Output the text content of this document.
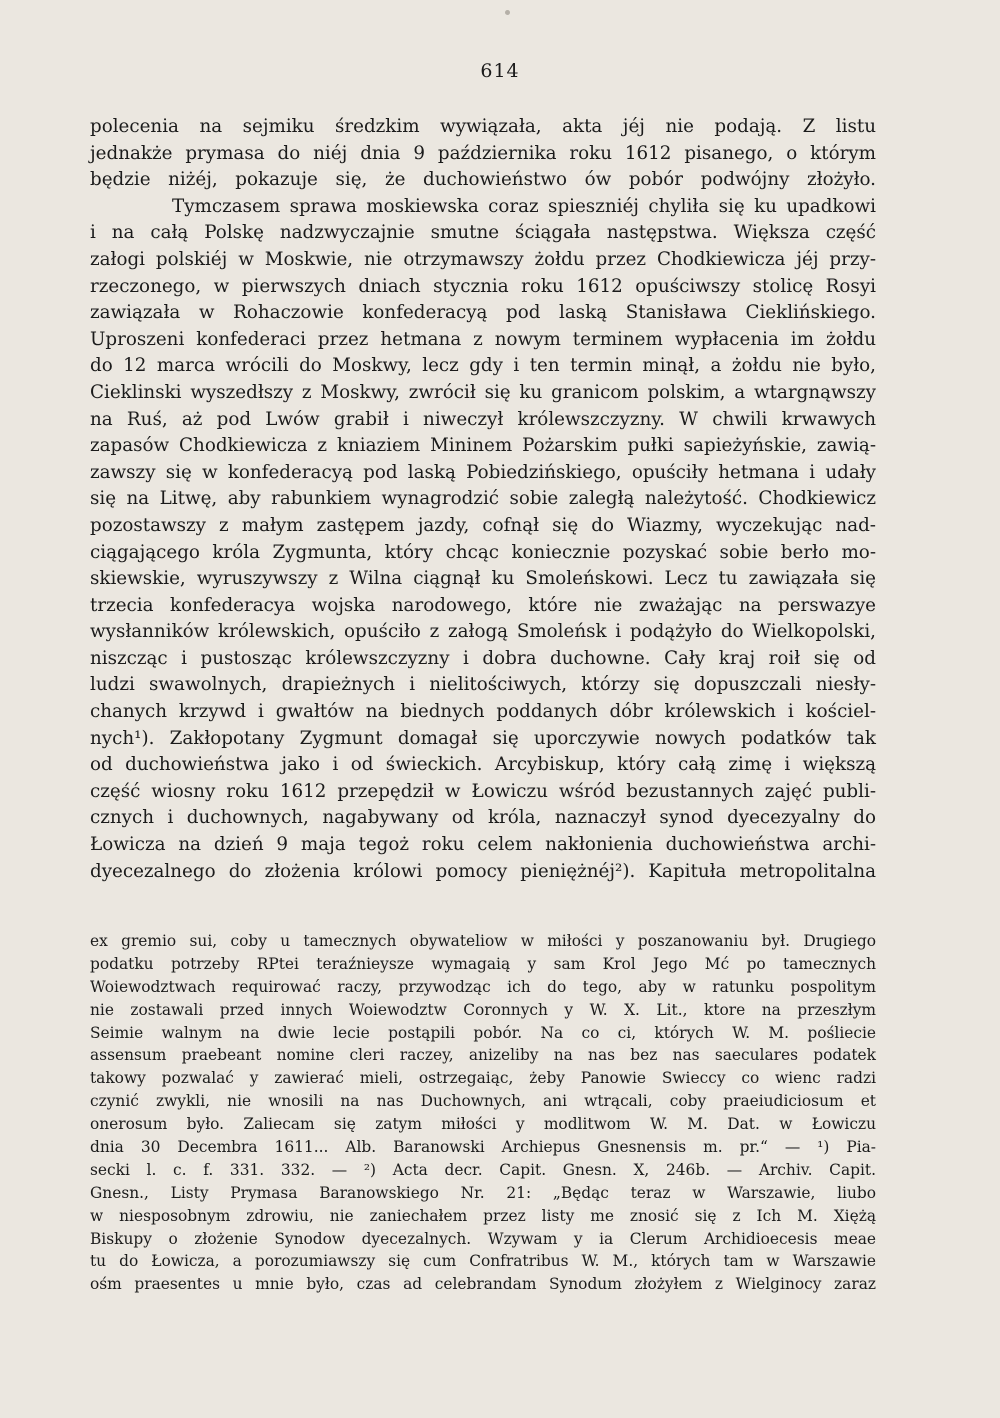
614
polecenia na sejmiku średzkim wywiązała, akta jéj nie podają. Z listu
jednakże prymasa do niéj dnia 9 października roku 1612 pisanego, o którym
będzie niżéj, pokazuje się, że duchowieństwo ów pobór podwójny złożyło.
Tymczasem sprawa moskiewska coraz spieszniéj chyliła się ku upadkowi
i na całą Polskę nadzwyczajnie smutne ściągała następstwa. Większa część
załogi polskiéj w Moskwie, nie otrzymawszy żołdu przez Chodkiewicza jéj przy-
rzeczonego, w pierwszych dniach stycznia roku 1612 opuściwszy stolicę Rosyi
zawiązała w Rohaczowie konfederacyą pod laską Stanisława Cieklińskiego.
Uproszeni konfederaci przez hetmana z nowym terminem wypłacenia im żołdu
do 12 marca wrócili do Moskwy, lecz gdy i ten termin minął, a żołdu nie było,
Cieklinski wyszedłszy z Moskwy, zwrócił się ku granicom polskim, a wtargnąwszy
na Ruś, aż pod Lwów grabił i niweczył królewszczyzny. W chwili krwawych
zapasów Chodkiewicza z kniaziem Mininem Pożarskim pułki sapieżyńskie, zawią-
zawszy się w konfederacyą pod laską Pobiedzińskiego, opuściły hetmana i udały
się na Litwę, aby rabunkiem wynagrodzić sobie zaległą należytość. Chodkiewicz
pozostawszy z małym zastępem jazdy, cofnął się do Wiazmy, wyczekując nad-
ciągającego króla Zygmunta, który chcąc koniecznie pozyskać sobie berło mo-
skiewskie, wyruszywszy z Wilna ciągnął ku Smoleńskowi. Lecz tu zawiązała się
trzecia konfederacya wojska narodowego, które nie zważając na perswazye
wysłanników królewskich, opuściło z załogą Smoleńsk i podążyło do Wielkopolski,
niszcząc i pustosząc królewszczyzny i dobra duchowne. Cały kraj roił się od
ludzi swawolnych, drapieżnych i nielitościwych, którzy się dopuszczali niesły-
chanych krzywd i gwałtów na biednych poddanych dóbr królewskich i kościel-
nych¹). Zakłopotany Zygmunt domagał się uporczywie nowych podatków tak
od duchowieństwa jako i od świeckich. Arcybiskup, który całą zimę i większą
część wiosny roku 1612 przepędził w Łowiczu wśród bezustannych zajęć publi-
cznych i duchownych, nagabywany od króla, naznaczył synod dyecezyalny do
Łowicza na dzień 9 maja tegoż roku celem nakłonienia duchowieństwa archi-
dyecezalnego do złożenia królowi pomocy pieniężnéj²). Kapituła metropolitalna
ex gremio sui, coby u tamecznych obywateliow w miłości y poszanowaniu był. Drugiego
podatku potrzeby RPtei teraźnieysze wymagaią y sam Krol Jego Mć po tamecznych
Woiewodztwach requirować raczy, przywodząc ich do tego, aby w ratunku pospolitym
nie zostawali przed innych Woiewodztw Coronnych y W. X. Lit., ktore na przeszłym
Seimie walnym na dwie lecie postąpili pobór. Na co ci, których W. M. pośliecie
assensum praebeant nomine cleri raczey, anizeliby na nas bez nas saeculares podatek
takowy pozwalać y zawierać mieli, ostrzegaiąc, żeby Panowie Swieccy co wienc radzi
czynić zwykli, nie wnosili na nas Duchownych, ani wtrącali, coby praeiudiciosum et
onerosum było. Zaliecam się zatym miłości y modlitwom W. M. Dat. w Łowiczu
dnia 30 Decembra 1611... Alb. Baranowski Archiepus Gnesnensis m. pr.“ — ¹) Pia-
secki l. c. f. 331. 332. — ²) Acta decr. Capit. Gnesn. X, 246b. — Archiv. Capit.
Gnesn., Listy Prymasa Baranowskiego Nr. 21: „Będąc teraz w Warszawie, liubo
w niesposobnym zdrowiu, nie zaniechałem przez listy me znosić się z Ich M. Xiężą
Biskupy o złożenie Synodow dyecezalnych. Wzywam y ia Clerum Archidioecesis meae
tu do Łowicza, a porozumiawszy się cum Confratribus W. M., których tam w Warszawie
ośm praesentes u mnie było, czas ad celebrandam Synodum złożyłem z Wielginocy zaraz
